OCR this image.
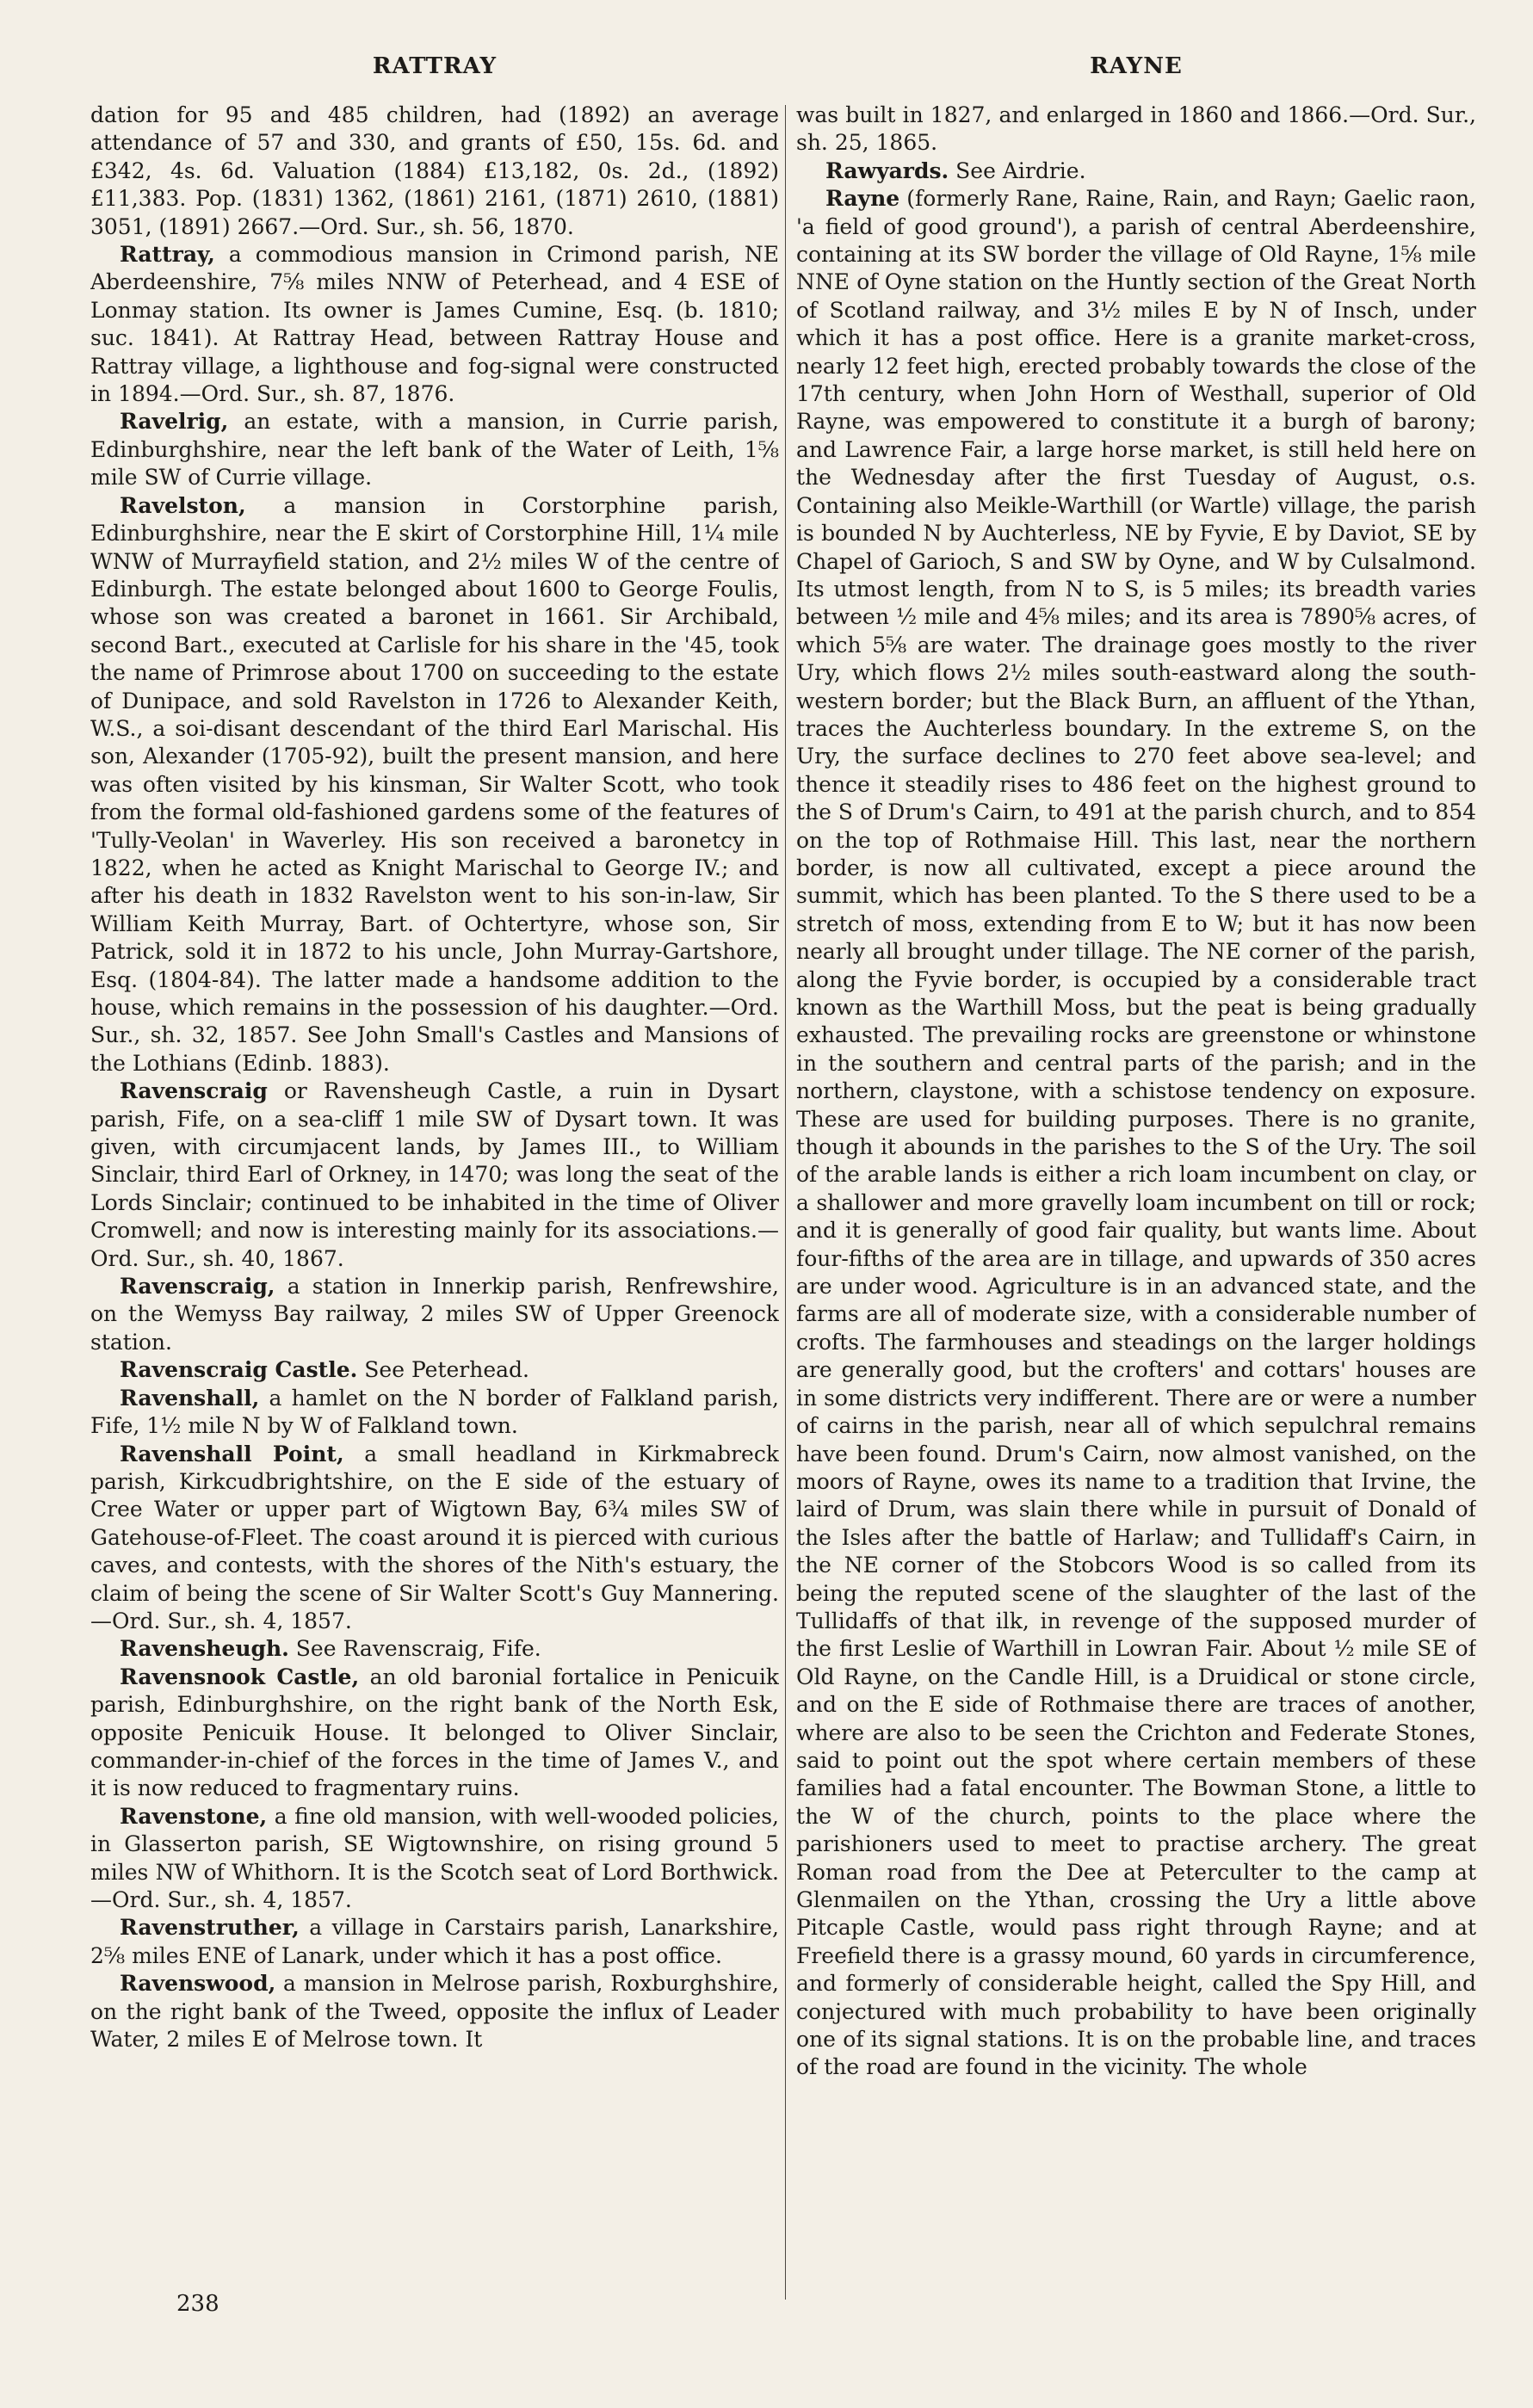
RATTRAY	RAYNE

dation for 95 and 485 children, had (1892) an average attendance of 57 and 330, and grants of £50, 15s. 6d. and £342, 4s. 6d. Valuation (1884) £13,182, 0s. 2d., (1892) £11,383. Pop. (1831) 1362, (1861) 2161, (1871) 2610, (1881) 3051, (1891) 2667.—Ord. Sur., sh. 56, 1870.

Rattray, a commodious mansion in Crimond parish, NE Aberdeenshire, 7⅝ miles NNW of Peterhead, and 4 ESE of Lonmay station. Its owner is James Cumine, Esq. (b. 1810; suc. 1841). At Rattray Head, between Rattray House and Rattray village, a lighthouse and fog-signal were constructed in 1894.—Ord. Sur., sh. 87, 1876.

Ravelrig, an estate, with a mansion, in Currie parish, Edinburghshire, near the left bank of the Water of Leith, 1⅝ mile SW of Currie village.

Ravelston, a mansion in Corstorphine parish, Edinburghshire, near the E skirt of Corstorphine Hill, 1¼ mile WNW of Murrayfield station, and 2½ miles W of the centre of Edinburgh. The estate belonged about 1600 to George Foulis, whose son was created a baronet in 1661. Sir Archibald, second Bart., executed at Carlisle for his share in the '45, took the name of Primrose about 1700 on succeeding to the estate of Dunipace, and sold Ravelston in 1726 to Alexander Keith, W.S., a soi-disant descendant of the third Earl Marischal. His son, Alexander (1705-92), built the present mansion, and here was often visited by his kinsman, Sir Walter Scott, who took from the formal old-fashioned gardens some of the features of 'Tully-Veolan' in Waverley. His son received a baronetcy in 1822, when he acted as Knight Marischal to George IV.; and after his death in 1832 Ravelston went to his son-in-law, Sir William Keith Murray, Bart. of Ochtertyre, whose son, Sir Patrick, sold it in 1872 to his uncle, John Murray-Gartshore, Esq. (1804-84). The latter made a handsome addition to the house, which remains in the possession of his daughter.—Ord. Sur., sh. 32, 1857. See John Small's Castles and Mansions of the Lothians (Edinb. 1883).

Ravenscraig or Ravensheugh Castle, a ruin in Dysart parish, Fife, on a sea-cliff 1 mile SW of Dysart town. It was given, with circumjacent lands, by James III., to William Sinclair, third Earl of Orkney, in 1470; was long the seat of the Lords Sinclair; continued to be inhabited in the time of Oliver Cromwell; and now is interesting mainly for its associations.—Ord. Sur., sh. 40, 1867.

Ravenscraig, a station in Innerkip parish, Renfrewshire, on the Wemyss Bay railway, 2 miles SW of Upper Greenock station.

Ravenscraig Castle. See Peterhead.

Ravenshall, a hamlet on the N border of Falkland parish, Fife, 1½ mile N by W of Falkland town.

Ravenshall Point, a small headland in Kirkmabreck parish, Kirkcudbrightshire, on the E side of the estuary of Cree Water or upper part of Wigtown Bay, 6¾ miles SW of Gatehouse-of-Fleet. The coast around it is pierced with curious caves, and contests, with the shores of the Nith's estuary, the claim of being the scene of Sir Walter Scott's Guy Mannering.—Ord. Sur., sh. 4, 1857.

Ravensheugh. See Ravenscraig, Fife.

Ravensnook Castle, an old baronial fortalice in Penicuik parish, Edinburghshire, on the right bank of the North Esk, opposite Penicuik House. It belonged to Oliver Sinclair, commander-in-chief of the forces in the time of James V., and it is now reduced to fragmentary ruins.

Ravenstone, a fine old mansion, with well-wooded policies, in Glasserton parish, SE Wigtownshire, on rising ground 5 miles NW of Whithorn. It is the Scotch seat of Lord Borthwick.—Ord. Sur., sh. 4, 1857.

Ravenstruther, a village in Carstairs parish, Lanarkshire, 2⅝ miles ENE of Lanark, under which it has a post office.

Ravenswood, a mansion in Melrose parish, Roxburghshire, on the right bank of the Tweed, opposite the influx of Leader Water, 2 miles E of Melrose town. It

was built in 1827, and enlarged in 1860 and 1866.—Ord. Sur., sh. 25, 1865.

Rawyards. See Airdrie.

Rayne (formerly Rane, Raine, Rain, and Rayn; Gaelic raon, 'a field of good ground'), a parish of central Aberdeenshire, containing at its SW border the village of Old Rayne, 1⅝ mile NNE of Oyne station on the Huntly section of the Great North of Scotland railway, and 3½ miles E by N of Insch, under which it has a post office. Here is a granite market-cross, nearly 12 feet high, erected probably towards the close of the 17th century, when John Horn of Westhall, superior of Old Rayne, was empowered to constitute it a burgh of barony; and Lawrence Fair, a large horse market, is still held here on the Wednesday after the first Tuesday of August, o.s. Containing also Meikle-Warthill (or Wartle) village, the parish is bounded N by Auchterless, NE by Fyvie, E by Daviot, SE by Chapel of Garioch, S and SW by Oyne, and W by Culsalmond. Its utmost length, from N to S, is 5 miles; its breadth varies between ½ mile and 4⅝ miles; and its area is 7890⅝ acres, of which 5⅝ are water. The drainage goes mostly to the river Ury, which flows 2½ miles south-eastward along the south-western border; but the Black Burn, an affluent of the Ythan, traces the Auchterless boundary. In the extreme S, on the Ury, the surface declines to 270 feet above sea-level; and thence it steadily rises to 486 feet on the highest ground to the S of Drum's Cairn, to 491 at the parish church, and to 854 on the top of Rothmaise Hill. This last, near the northern border, is now all cultivated, except a piece around the summit, which has been planted. To the S there used to be a stretch of moss, extending from E to W; but it has now been nearly all brought under tillage. The NE corner of the parish, along the Fyvie border, is occupied by a considerable tract known as the Warthill Moss, but the peat is being gradually exhausted. The prevailing rocks are greenstone or whinstone in the southern and central parts of the parish; and in the northern, claystone, with a schistose tendency on exposure. These are used for building purposes. There is no granite, though it abounds in the parishes to the S of the Ury. The soil of the arable lands is either a rich loam incumbent on clay, or a shallower and more gravelly loam incumbent on till or rock; and it is generally of good fair quality, but wants lime. About four-fifths of the area are in tillage, and upwards of 350 acres are under wood. Agriculture is in an advanced state, and the farms are all of moderate size, with a considerable number of crofts. The farmhouses and steadings on the larger holdings are generally good, but the crofters' and cottars' houses are in some districts very indifferent. There are or were a number of cairns in the parish, near all of which sepulchral remains have been found. Drum's Cairn, now almost vanished, on the moors of Rayne, owes its name to a tradition that Irvine, the laird of Drum, was slain there while in pursuit of Donald of the Isles after the battle of Harlaw; and Tullidaff's Cairn, in the NE corner of the Stobcors Wood is so called from its being the reputed scene of the slaughter of the last of the Tullidaffs of that ilk, in revenge of the supposed murder of the first Leslie of Warthill in Lowran Fair. About ½ mile SE of Old Rayne, on the Candle Hill, is a Druidical or stone circle, and on the E side of Rothmaise there are traces of another, where are also to be seen the Crichton and Federate Stones, said to point out the spot where certain members of these families had a fatal encounter. The Bowman Stone, a little to the W of the church, points to the place where the parishioners used to meet to practise archery. The great Roman road from the Dee at Peterculter to the camp at Glenmailen on the Ythan, crossing the Ury a little above Pitcaple Castle, would pass right through Rayne; and at Freefield there is a grassy mound, 60 yards in circumference, and formerly of considerable height, called the Spy Hill, and conjectured with much probability to have been originally one of its signal stations. It is on the probable line, and traces of the road are found in the vicinity. The whole

238
